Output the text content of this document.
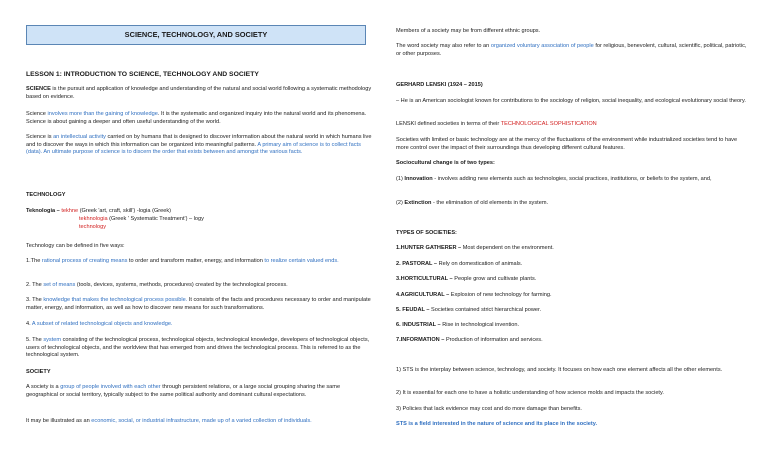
SCIENCE, TECHNOLOGY, AND SOCIETY

LESSON 1: INTRODUCTION TO SCIENCE, TECHNOLOGY AND SOCIETY

SCIENCE is the pursuit and application of knowledge and understanding of the natural and social world following a systematic methodology based on evidence.

Science involves more than the gaining of knowledge. It is the systematic and organized inquiry into the natural world and its phenomena. Science is about gaining a deeper and often useful understanding of the world.

Science is an intellectual activity carried on by humans that is designed to discover information about the natural world in which humans live and to discover the ways in which this information can be organized into meaningful patterns. A primary aim of science is to collect facts (data). An ultimate purpose of science is to discern the order that exists between and amongst the various facts.

TECHNOLOGY

Teknologia – tekhne (Greek 'art, craft, skill') -logia (Greek)

tekhnologia (Greek ' Systematic Treatment') – logy

technology

Technology can be defined in five ways:

1.The rational process of creating means to order and transform matter, energy, and information to realize certain valued ends.

2. The set of means (tools, devices, systems, methods, procedures) created by the technological process.

3. The knowledge that makes the technological process possible. It consists of the facts and procedures necessary to order and manipulate matter, energy, and information, as well as how to discover new means for such transformations.

4. A subset of related technological objects and knowledge.

5. The system consisting of the technological process, technological objects, technological knowledge, developers of technological objects, users of technological objects, and the worldview that has emerged from and drives the technological process. This is referred to as the technological system.

SOCIETY

A society is a group of people involved with each other through persistent relations, or a large social grouping sharing the same geographical or social territory, typically subject to the same political authority and dominant cultural expectations.

It may be illustrated as an economic, social, or industrial infrastructure, made up of a varied collection of individuals.

Members of a society may be from different ethnic groups.

The word society may also refer to an organized voluntary association of people for religious, benevolent, cultural, scientific, political, patriotic, or other purposes.

GERHARD LENSKI (1924 – 2015)

– He is an American sociologist known for contributions to the sociology of religion, social inequality, and ecological evolutionary social theory.

LENSKI defined societies in terms of their TECHNOLOGICAL SOPHISTICATION

Societies with limited or basic technology are at the mercy of the fluctuations of the environment while industrialized societies tend to have more control over the impact of their surroundings thus developing different cultural features.

Sociocultural change is of two types:

(1) Innovation - involves adding new elements such as technologies, social practices, institutions, or beliefs to the system, and,

(2) Extinction - the elimination of old elements in the system.

TYPES OF SOCIETIES:

1.HUNTER GATHERER – Most dependent on the environment.

2. PASTORAL – Rely on domestication of animals.

3.HORTICULTURAL – People grow and cultivate plants.

4.AGRICULTURAL – Explosion of new technology for farming.

5. FEUDAL – Societies contained strict hierarchical power.

6. INDUSTRIAL – Rise in technological invention.

7.INFORMATION – Production of information and services.

1) STS is the interplay between science, technology, and society. It focuses on how each one element affects all the other elements.

2) It is essential for each one to have a holistic understanding of how science molds and impacts the society.

3) Policies that lack evidence may cost and do more damage than benefits.

STS is a field interested in the nature of science and its place in the society.
